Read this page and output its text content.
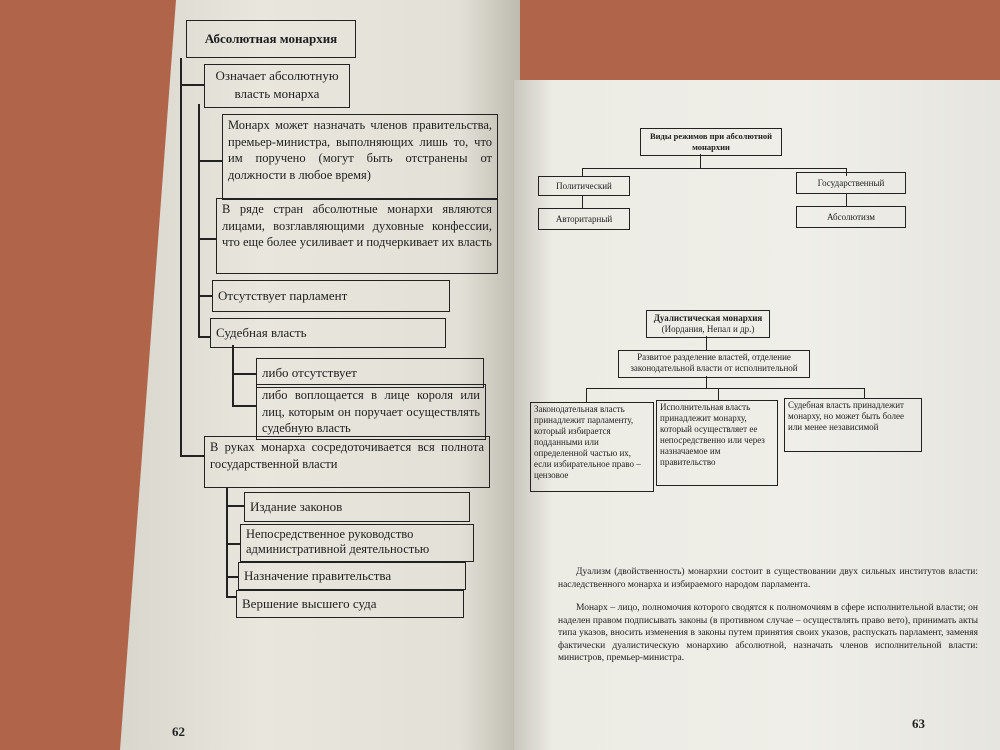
Абсолютная монархия
Означает абсолютную власть монарха
Монарх может назначать членов правительства, премьер-министра, выполняющих лишь то, что им поручено (могут быть отстранены от должности в любое время)
В ряде стран абсолютные монархи являются лицами, возглавляющими духовные конфессии, что еще более усиливает и подчеркивает их власть
Отсутствует парламент
Судебная власть
либо отсутствует
либо воплощается в лице короля или лиц, которым он поручает осуществлять судебную власть
В руках монарха сосредоточивается вся полнота государственной власти
Издание законов
Непосредственное руководство административной деятельностью
Назначение правительства
Вершение высшего суда
62
Виды режимов при абсолютной монархии
Политический
Авторитарный
Государственный
Абсолютизм
Дуалистическая монархия
(Иордания, Непал и др.)
Развитое разделение властей, отделение законодательной власти от исполнительной
Законодательная власть принадлежит парламенту, который избирается подданными или определенной частью их, если избирательное право – цензовое
Исполнительная власть принадлежит монарху, который осуществляет ее непосредственно или через назначаемое им правительство
Судебная власть принадлежит монарху, но может быть более или менее независимой
Дуализм (двойственность) монархии состоит в существовании двух сильных институтов власти: наследственного монарха и избираемого народом парламента.
Монарх – лицо, полномочия которого сводятся к полномочиям в сфере исполнительной власти; он наделен правом подписывать законы (в противном случае – осуществлять право вето), принимать акты типа указов, вносить изменения в законы путем принятия своих указов, распускать парламент, заменяя фактически дуалистическую монархию абсолютной, назначать членов исполнительной власти: министров, премьер-министра.
63
